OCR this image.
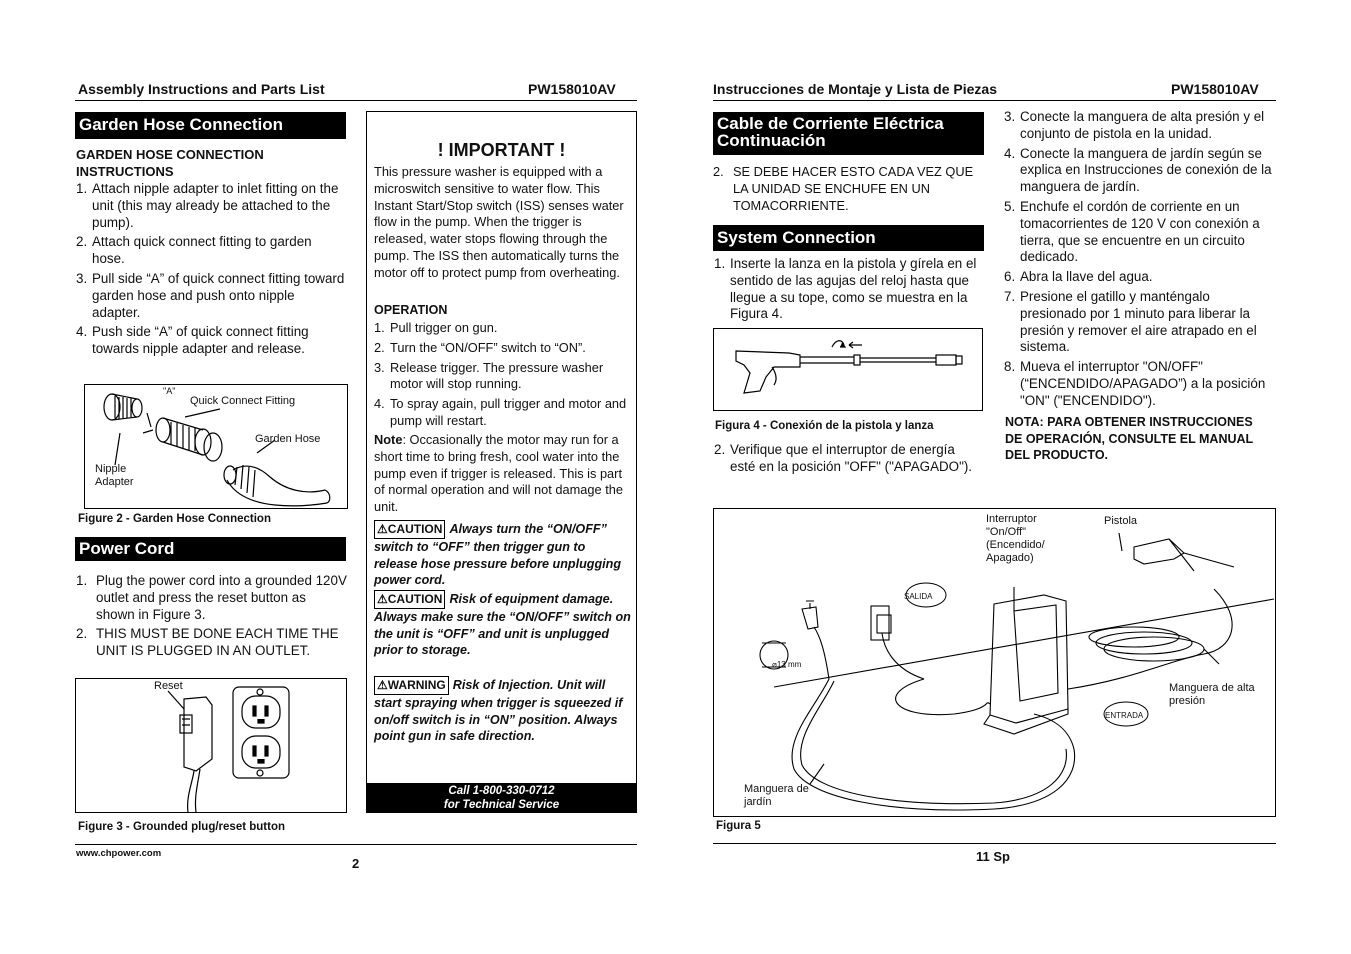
Assembly Instructions and Parts List	PW158010AV
Garden Hose Connection
GARDEN HOSE CONNECTION INSTRUCTIONS
1. Attach nipple adapter to inlet fitting on the unit (this may already be attached to the pump).
2. Attach quick connect fitting to garden hose.
3. Pull side “A” of quick connect fitting toward garden hose and push onto nipple adapter.
4. Push side “A” of quick connect fitting towards nipple adapter and release.
"A"
Quick Connect Fitting
Garden Hose
Nipple Adapter
Figure 2 - Garden Hose Connection
Power Cord
1. Plug the power cord into a grounded 120V outlet and press the reset button as shown in Figure 3.
2. THIS MUST BE DONE EACH TIME THE UNIT IS PLUGGED IN AN OUTLET.
Reset
Figure 3 - Grounded plug/reset button
! IMPORTANT !
This pressure washer is equipped with a microswitch sensitive to water flow. This Instant Start/Stop switch (ISS) senses water flow in the pump. When the trigger is released, water stops flowing through the pump. The ISS then automatically turns the motor off to protect pump from overheating.
OPERATION
1. Pull trigger on gun.
2. Turn the “ON/OFF” switch to “ON”.
3. Release trigger. The pressure washer motor will stop running.
4. To spray again, pull trigger and motor and pump will restart.
Note: Occasionally the motor may run for a short time to bring fresh, cool water into the pump even if trigger is released. This is part of normal operation and will not damage the unit.
⚠CAUTION Always turn the “ON/OFF” switch to “OFF” then trigger gun to release hose pressure before unplugging power cord.
⚠CAUTION Risk of equipment damage. Always make sure the “ON/OFF” switch on the unit is “OFF” and unit is unplugged prior to storage.
⚠WARNING Risk of Injection. Unit will start spraying when trigger is squeezed if on/off switch is in “ON” position. Always point gun in safe direction.
Call 1-800-330-0712
for Technical Service
www.chpower.com
2
Instrucciones de Montaje y Lista de Piezas	PW158010AV
Cable de Corriente Eléctrica Continuación
2. SE DEBE HACER ESTO CADA VEZ QUE LA UNIDAD SE ENCHUFE EN UN TOMACORRIENTE.
System Connection
1. Inserte la lanza en la pistola y gírela en el sentido de las agujas del reloj hasta que llegue a su tope, como se muestra en la Figura 4.
Figura 4 - Conexión de la pistola y lanza
2. Verifique que el interruptor de energía esté en la posición "OFF" ("APAGADO").
3. Conecte la manguera de alta presión y el conjunto de pistola en la unidad.
4. Conecte la manguera de jardín según se explica en Instrucciones de conexión de la manguera de jardín.
5. Enchufe el cordón de corriente en un tomacorrientes de 120 V con conexión a tierra, que se encuentre en un circuito dedicado.
6. Abra la llave del agua.
7. Presione el gatillo y manténgalo presionado por 1 minuto para liberar la presión y remover el aire atrapado en el sistema.
8. Mueva el interruptor "ON/OFF" (“ENCENDIDO/APAGADO”) a la posición "ON" ("ENCENDIDO").
NOTA: PARA OBTENER INSTRUCCIONES DE OPERACIÓN, CONSULTE EL MANUAL DEL PRODUCTO.
Interruptor "On/Off" (Encendido/ Apagado)
Pistola
SALIDA
⌀13 mm
ENTRADA
Manguera de alta presión
Manguera de jardín
Figura 5
11 Sp
